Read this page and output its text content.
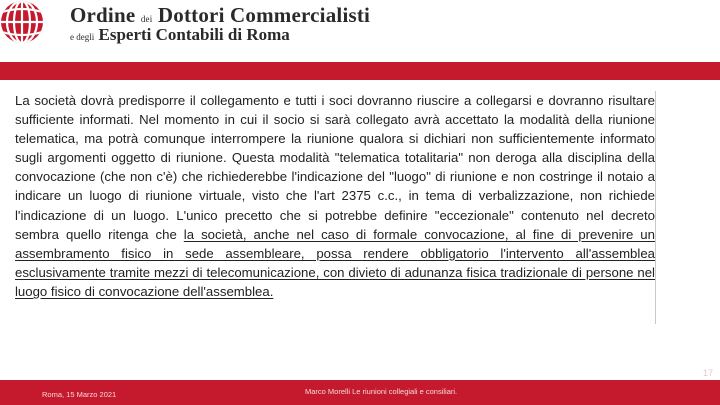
Ordine dei Dottori Commercialisti
e degli Esperti Contabili di Roma

La società dovrà predisporre il collegamento e tutti i soci dovranno riuscire a collegarsi e dovranno risultare sufficiente informati. Nel momento in cui il socio si sarà collegato avrà accettato la modalità della riunione telematica, ma potrà comunque interrompere la riunione qualora si dichiari non sufficientemente informato sugli argomenti oggetto di riunione. Questa modalità "telematica totalitaria" non deroga alla disciplina della convocazione (che non c'è) che richiederebbe l'indicazione del "luogo" di riunione e non costringe il notaio a indicare un luogo di riunione virtuale, visto che l'art 2375 c.c., in tema di verbalizzazione, non richiede l'indicazione di un luogo. L'unico precetto che si potrebbe definire "eccezionale" contenuto nel decreto sembra quello ritenga che la società, anche nel caso di formale convocazione, al fine di prevenire un assembramento fisico in sede assembleare, possa rendere obbligatorio l'intervento all'assemblea esclusivamente tramite mezzi di telecomunicazione, con divieto di adunanza fisica tradizionale di persone nel luogo fisico di convocazione dell'assemblea.

17
Roma, 15 Marzo 2021	Marco Morelli Le riunioni collegiali e consiliari.
